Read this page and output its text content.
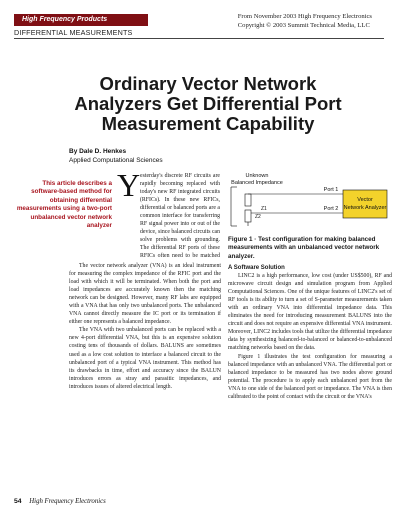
High Frequency Products
DIFFERENTIAL MEASUREMENTS
From November 2003 High Frequency Electronics
Copyright © 2003 Summit Technical Media, LLC
Ordinary Vector Network Analyzers Get Differential Port Measurement Capability
By Dale D. Henkes
Applied Computational Sciences
This article describes a software-based method for obtaining differential measurements using a two-port unbalanced vector network analyzer
Y esterday's discrete RF circuits are rapidly becoming replaced with today's new RF integrated circuits (RFICs). In these new RFICs, differential or balanced ports are a common interface for transferring RF signal power into or out of the device, since balanced circuits can solve problems with grounding. The differential RF ports of these RFICs often need to be matched

The vector network analyzer (VNA) is an ideal instrument for measuring the complex impedance of the RFIC port and the load with which it will be terminated. When both the port and load impedances are accurately known then the matching network can be designed. However, many RF labs are equipped with a VNA that has only two unbalanced ports. The unbalanced VNA cannot directly measure the IC port or its termination if either one represents a balanced impedance.

The VNA with two unbalanced ports can be replaced with a new 4-port differential VNA, but this is an expensive solution costing tens of thousands of dollars. BALUNS are sometimes used as a low cost solution to interface a balanced circuit to the unbalanced port of a typical VNA instrument. This method has its drawbacks in time, effort and accuracy since the BALUN introduces errors as stray and parasitic impedances, and introduces issues of altered electrical length.

Unknown
Balanced Impedance
Z1
Z2
Port 1
Port 2
Vector
Network Analyzer
Figure 1 · Test configuration for making balanced measurements with an unbalanced vector network analyzer.

A Software Solution

LINC2 is a high performance, low cost (under US$500), RF and microwave circuit design and simulation program from Applied Computational Sciences. One of the unique features of LINC2's set of RF tools is its ability to turn a set of S-parameter measurements taken with an ordinary VNA into differential impedance data. This eliminates the need for introducing measurement BALUNS into the circuit and does not require an expensive differential VNA instrument. Moreover, LINC2 includes tools that utilize the differential impedance data by synthesizing balanced-to-balanced or balanced-to-unbalanced matching networks based on the data.

Figure 1 illustrates the test configuration for measuring a balanced impedance with an unbalanced VNA. The differential port or balanced impedance to be measured has two nodes above ground potential. The procedure is to apply each unbalanced port from the VNA to one side of the balanced port or impedance. The VNA is then calibrated to the point of contact with the circuit or the VNA's

54 High Frequency Electronics
